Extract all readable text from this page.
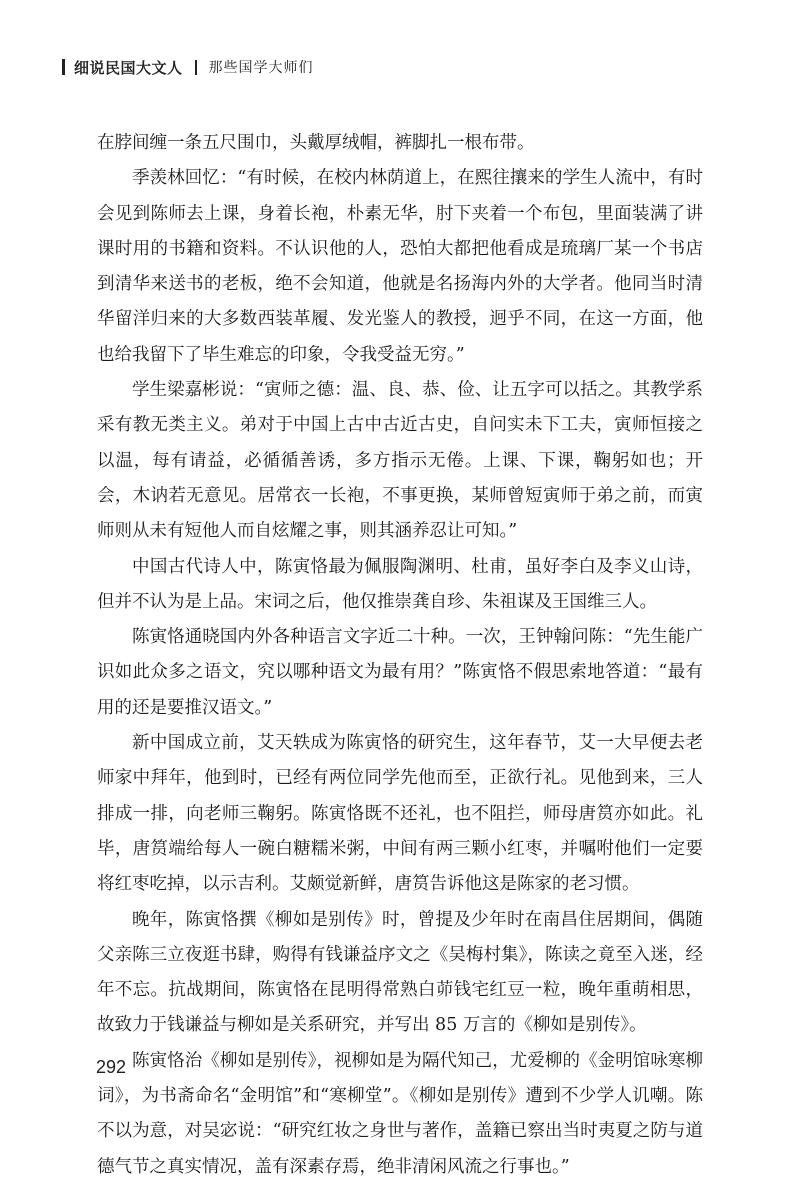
细说民国大文人 那些国学大师们

在脖间缠一条五尺围巾，头戴厚绒帽，裤脚扎一根布带。

季羡林回忆：“有时候，在校内林荫道上，在熙往攘来的学生人流中，有时会见到陈师去上课，身着长袍，朴素无华，肘下夹着一个布包，里面装满了讲课时用的书籍和资料。不认识他的人，恐怕大都把他看成是琉璃厂某一个书店到清华来送书的老板，绝不会知道，他就是名扬海内外的大学者。他同当时清华留洋归来的大多数西装革履、发光鉴人的教授，迥乎不同，在这一方面，他也给我留下了毕生难忘的印象，令我受益无穷。”

学生梁嘉彬说：“寅师之德：温、良、恭、俭、让五字可以括之。其教学系采有教无类主义。弟对于中国上古中古近古史，自问实未下工夫，寅师恒接之以温，每有请益，必循循善诱，多方指示无倦。上课、下课，鞠躬如也；开会，木讷若无意见。居常衣一长袍，不事更换，某师曾短寅师于弟之前，而寅师则从未有短他人而自炫耀之事，则其涵养忍让可知。”

中国古代诗人中，陈寅恪最为佩服陶渊明、杜甫，虽好李白及李义山诗，但并不认为是上品。宋词之后，他仅推崇龚自珍、朱祖谋及王国维三人。

陈寅恪通晓国内外各种语言文字近二十种。一次，王钟翰问陈：“先生能广识如此众多之语文，究以哪种语文为最有用？”陈寅恪不假思索地答道：“最有用的还是要推汉语文。”

新中国成立前，艾天轶成为陈寅恪的研究生，这年春节，艾一大早便去老师家中拜年，他到时，已经有两位同学先他而至，正欲行礼。见他到来，三人排成一排，向老师三鞠躬。陈寅恪既不还礼，也不阻拦，师母唐筼亦如此。礼毕，唐筼端给每人一碗白糖糯米粥，中间有两三颗小红枣，并嘱咐他们一定要将红枣吃掉，以示吉利。艾颇觉新鲜，唐筼告诉他这是陈家的老习惯。

晚年，陈寅恪撰《柳如是别传》时，曾提及少年时在南昌住居期间，偶随父亲陈三立夜逛书肆，购得有钱谦益序文之《吴梅村集》，陈读之竟至入迷，经年不忘。抗战期间，陈寅恪在昆明得常熟白茆钱宅红豆一粒，晚年重萌相思，故致力于钱谦益与柳如是关系研究，并写出 85 万言的《柳如是别传》。

陈寅恪治《柳如是别传》，视柳如是为隔代知己，尤爱柳的《金明馆咏寒柳词》，为书斋命名“金明馆”和“寒柳堂”。《柳如是别传》遭到不少学人讥嘲。陈不以为意，对吴宓说：“研究红妆之身世与著作，盖籍已察出当时夷夏之防与道德气节之真实情况，盖有深素存焉，绝非清闲风流之行事也。”

292
